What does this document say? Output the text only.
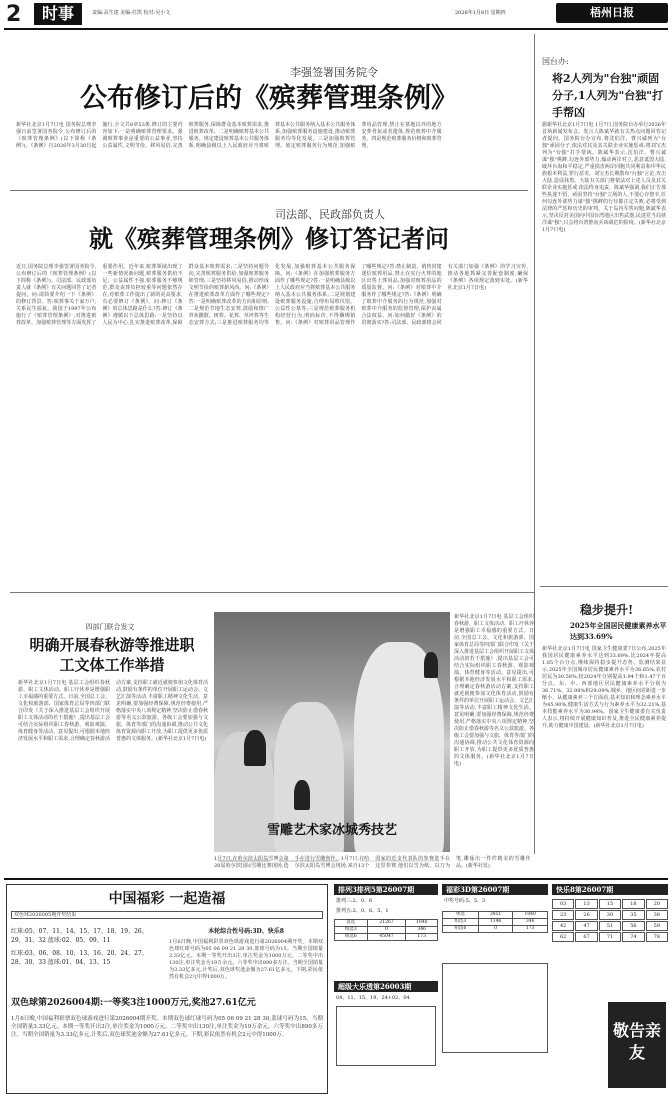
2	时事	责编:高生建 美编:任凯 校对:吴小文	2026年1月8日 星期四	梧州日报
李强签署国务院令
公布修订后的《殡葬管理条例》
新华社北京1月7日电 国务院总理李强日前签署国务院令,公布修订后的《殡葬管理条例》(以下简称《条例》)。《条例》自2026年3月30日起施行,全文共8章53条,修订的主要内容如下:一是明确殡葬管理要求。强调殡葬事业是重要的公益事业,坚持公益属性,文明节俭、移风易俗,完善殡葬服务,保障群众基本殡葬需求,推进殡葬改革。二是明确殡葬基本公共服务。规定建设殡葬基本公共服务体系,明确县级以上人民政府应当将殡葬基本公共服务纳入基本公共服务体系,加强殡葬服务设施建设,推动殡葬服务均等化发展。三是加强殡葬管理。划定殡葬服务行为规范,加强殡葬用品管理,禁止在墓地以外的地方安葬骨灰或者遗体,规范殡葬中介服务。四是规范殡葬服务价格和殡葬管理。
司法部、民政部负责人
就《殡葬管理条例》修订答记者问
近日,国务院总理李强签署国务院令,公布修订后的《殡葬管理条例》(以下简称《条例》)。司法部、民政部负责人就《条例》有关问题回答了记者提问。问:请简要介绍一下《条例》的修订背景。答:殡葬事关千家万户,关系民生福祉。我国于1997年公布施行了《殡葬管理条例》,对推进殡葬改革、加强殡葬管理等方面发挥了重要作用。近年来,殡葬领域出现了一些新情况新问题,殡葬服务供给不足、公益属性不强,殡葬服务不够规范,群众丧葬负担较重等问题依然存在,对殡葬工作提出了新的更高要求,有必要修订《条例》。问:修订《条例》的总体思路是什么?答:修订《条例》遵循以下总体思路:一是坚持以人民为中心,扎实推进殡葬改革,保障群众基本殡葬需求;二是坚持问题导向,完善殡葬服务供给,加强殡葬服务和管理;三是坚持移风易俗,推动形成文明节俭的殡葬新风尚。问:《条例》在推进殡葬改革方面作了哪些规定?答:一是明确殡葬改革的方向和原则;二是规范节地生态安葬,鼓励和推广骨灰撒散、树葬、花葬、草坪葬等生态安葬方式;三是推进殡葬服务均等化发展,加强殡葬基本公共服务保障。问:《条例》在加强殡葬服务方面作了哪些规定?答:一是明确县级以上人民政府应当将殡葬基本公共服务纳入基本公共服务体系;二是规划建设殡葬服务设施,合理布局殡仪馆、公益性公墓等;三是规范殡葬服务机构经营行为,明码标价,不得捆绑销售。问:《条例》对殡葬用品管理作了哪些规定?答:禁止制造、销售封建迷信殡葬用品,禁止在实行火葬的地区出售土葬用品,加强对殡葬用品的质量监督。问:《条例》对殡葬中介服务作了哪些规定?答:《条例》明确了殡葬中介服务的行为规范,加强对殡葬中介服务的监督管理,保护丧属合法权益。问:如何做好《条例》的贯彻落实?答:司法部、民政部将会同有关部门加强《条例》的学习宣传,推动各地抓紧完善配套制度,确保《条例》各项规定落到实处。(新华社北京1月7日电)
国台办:
将2人列为"台独"顽固分子,1人列为"台独"打手帮凶
据新华社北京1月7日电 1月7日,国务院台办举行2026年首场新闻发布会。发言人陈斌华就有关热点问题回答记者提问。国务院台办宣布,将沈伯洋、曹兴诚列为"台独"顽固分子,依法对其及其关联企业实施惩戒;将刘宝杰列为"台独"打手帮凶。陈斌华表示,沈伯洋、曹兴诚谋"独"挑衅,勾连外部势力,煽动两岸对立,恶意诋毁大陆,破坏台海和平稳定,严重损害两岸同胞共同利益和中华民族根本利益,罪行恶劣。刘宝杰长期散布"台独"言论,攻击大陆,造谣抹黑。大陆有关部门将依法对上述人员及其关联企业实施惩戒,依法终身追责。陈斌华强调,我们正告那些执迷不悟、顽固坚持"台独"立场的人,不要心存侥幸,任何勾连外部势力谋"独"挑衅的行径都注定失败,必将受到法律的严惩和历史的审判。关于岛内军售问题,陈斌华表示,坚决反对美国向中国台湾地区出售武器,民进党当局挟洋谋"独",只会将台湾推向兵凶战危的险境。(新华社北京1月7日电)
稳步提升!
2025年全国居民健康素养水平达到33.69%
新华社北京1月7日电 国家卫生健康委7日公布,2025年我国居民健康素养水平达到33.69%,比2024年提高1.85个百分点,继续保持稳步提升态势。监测结果显示,2025年全国城市居民健康素养水平为36.65%,农村居民为30.58%,较2024年分别提高1.94个和1.47个百分点。东、中、西部地区居民健康素养水平分别为36.71%、32.98%和29.09%,城乡、地区间差距进一步缩小。从健康素养三个方面看,基本知识和理念素养水平为45.90%,健康生活方式与行为素养水平为32.21%,基本技能素养水平为30.94%。国家卫生健康委有关负责人表示,将持续开展健康知识普及,推进全民健康素养提升,助力健康中国建设。(新华社北京1月7日电)
四部门联合发文
明确开展春秋游等推进职工文体工作举措
新华社北京1月7日电 基层工会组织春秋游、职工文体活动、职工疗休养是增强职工幸福感的重要方式。日前,全国总工会、文化和旅游部、国家体育总局等四部门联合印发《关于深入推进基层工会组织开展职工文体活动的若干措施》,提出基层工会可结合实际组织职工春秋游、观影观演、体育健身等活动。意见提出,可根据本地经济发展水平和职工需求,合理确定春秋游活动方案,支持职工就近就便参加文化体育活动,鼓励有条件的单位开展职工运动会、文艺汇演等活动,丰富职工精神文化生活。意见明确,要加强经费保障,规范经费使用,严格落实中央八项规定精神,坚决防止借春秋游等名义公款旅游。各级工会要加强与文旅、体育等部门的沟通协调,推动公共文化体育资源向职工开放,为职工提供更多优质普惠的文体服务。(新华社北京1月7日电)
雪雕艺术家冰城秀技艺
1月7日,在哈尔滨太阳岛雪博会第28届哈尔滨国际雪雕比赛现场,选手在进行雪雕创作。1月7日,在哈尔滨太阳岛雪博会现场,来自13个国家的近支代表队的参赛选手在这里参赛,他们以雪为纸、以刀为笔,雕琢出一件件精美的雪雕作品。(新华社发)
新华社北京1月7日电 基层工会组织春秋游、职工文体活动、职工疗休养是增强职工幸福感的重要方式。日前,全国总工会、文化和旅游部、国家体育总局等四部门联合印发《关于深入推进基层工会组织开展职工文体活动的若干措施》,提出基层工会可结合实际组织职工春秋游、观影观演、体育健身等活动。意见提出,可根据本地经济发展水平和职工需求,合理确定春秋游活动方案,支持职工就近就便参加文化体育活动,鼓励有条件的单位开展职工运动会、文艺汇演等活动,丰富职工精神文化生活。意见明确,要加强经费保障,规范经费使用,严格落实中央八项规定精神,坚决防止借春秋游等名义公款旅游。各级工会要加强与文旅、体育等部门的沟通协调,推动公共文化体育资源向职工开放,为职工提供更多优质普惠的文体服务。(新华社北京1月7日电)
中国福彩 一起造福
双色球2026005期开奖结果
红球:05、07、11、14、15、17、18、19、26、29、31、32 蓝球:02、05、09、11
红球:03、06、08、10、13、16、20、24、27、28、30、33 蓝球:01、04、13、15
本轮综合性号码:3D、快乐8
1月6日晚,中国福利彩票双色球游戏进行第2026004期开奖。本期双色球红球号码为05 06 09 21 28 30,蓝球号码为15。当期全国销量3.33亿元。本期一等奖开出3注,单注奖金为1000万元。二等奖中出130注,单注奖金为19万余元。六等奖中出890多万注。当期全国销量为3.33亿多元,计奖后,双色球奖池金额为27.61亿多元。下期,彩民依然有机会2元中得1000万。
双色球第2026004期:一等奖3注1000万元,奖池27.61亿元
1月6日晚,中国福利彩票双色球游戏进行第2026004期开奖。本期双色球红球号码为05 06 09 21 28 30,蓝球号码为15。当期全国销量3.33亿元。本期一等奖开出3注,单注奖金为1000万元。二等奖中出130注,单注奖金为19万余元。六等奖中出890多万注。当期全国销量为3.33亿多元,计奖后,双色球奖池金额为27.61亿多元。下期,彩民依然有机会2元中得1000万。
排列3排列5第26007期
排列三:2、0、6
排列五:2、0、6、5、1
直选	21267	1040
组选3	0	346
组选6	45047	173
超级大乐透第26003期
04、11、15、19、24+02、04
福彩3D第26007期
中奖号码:5、5、3
单选	3851	1040
组选3	1146	346
组选6	0	173
快乐8第26007期
03	13	15	18	20
23	26	30	35	38
42	47	51	56	59
62	67	71	74	78
敬告亲友
